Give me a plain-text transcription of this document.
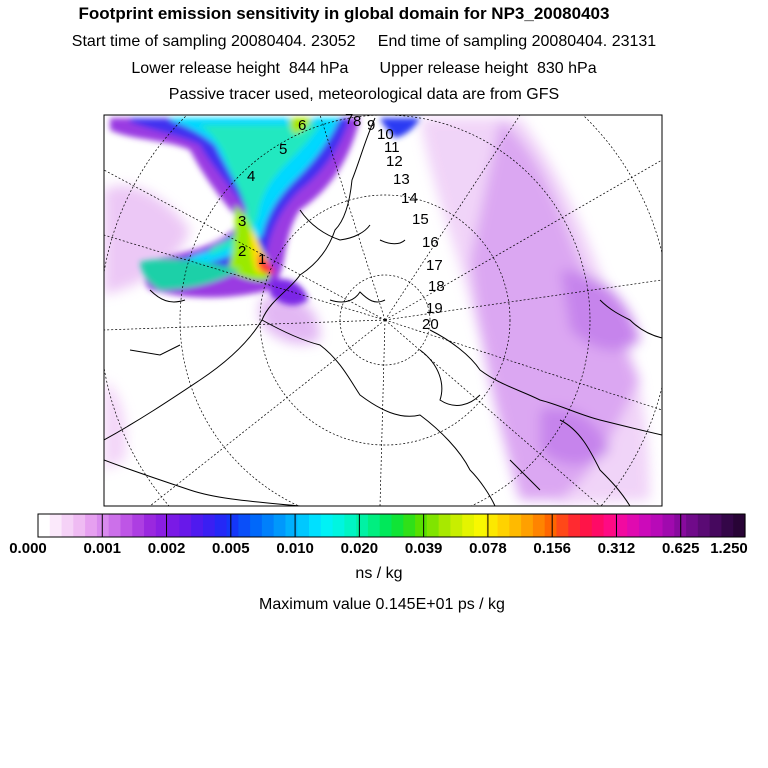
Footprint emission sensitivity in global domain for NP3_20080403
Start time of sampling 20080404. 23052     End time of sampling 20080404. 23131
Lower release height  844 hPa       Upper release height  830 hPa
Passive tracer used, meteorological data are from GFS
1
2
3
4
5
6	7 8 9
10
11
12
13
14
15
16
17
18
19
20
0.000 0.001 0.002 0.005 0.010 0.020 0.039 0.078 0.156 0.312 0.625 1.250
ns / kg
Maximum value 0.145E+01 ps / kg
